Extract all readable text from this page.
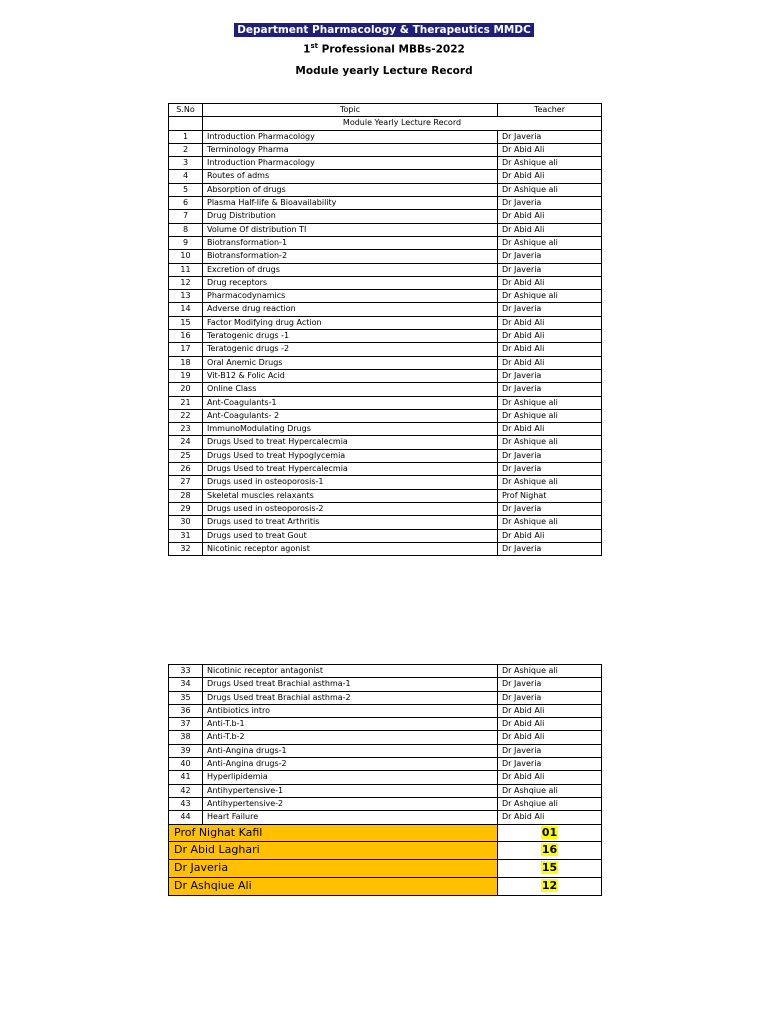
Department Pharmacology & Therapeutics MMDC
1st Professional MBBs-2022
Module yearly Lecture Record
S.No	Topic	Teacher
	Module Yearly Lecture Record	
1	Introduction Pharmacology	Dr Javeria
2	Terminology Pharma	Dr Abid Ali
3	Introduction Pharmacology	Dr Ashique ali
4	Routes of adms	Dr Abid Ali
5	Absorption of drugs	Dr Ashique ali
6	Plasma Half-life & Bioavailability	Dr Javeria
7	Drug Distribution	Dr Abid Ali
8	Volume Of distribution TI	Dr Abid Ali
9	Biotransformation-1	Dr Ashique ali
10	Biotransformation-2	Dr Javeria
11	Excretion of drugs	Dr Javeria
12	Drug receptors	Dr Abid Ali
13	Pharmacodynamics	Dr Ashique ali
14	Adverse drug reaction	Dr Javeria
15	Factor Modifying drug Action	Dr Abid Ali
16	Teratogenic drugs -1	Dr Abid Ali
17	Teratogenic drugs -2	Dr Abid Ali
18	Oral Anemic Drugs	Dr Abid Ali
19	Vit-B12 & Folic Acid	Dr Javeria
20	Online Class	Dr Javeria
21	Ant-Coagulants-1	Dr Ashique ali
22	Ant-Coagulants- 2	Dr Ashique ali
23	ImmunoModulating Drugs	Dr Abid Ali
24	Drugs Used to treat Hypercalecmia	Dr Ashique ali
25	Drugs Used to treat Hypoglycemia	Dr Javeria
26	Drugs Used to treat Hypercalecmia	Dr Javeria
27	Drugs used in osteoporosis-1	Dr Ashique ali
28	Skeletal muscles relaxants	Prof Nighat
29	Drugs used in osteoporosis-2	Dr Javeria
30	Drugs used to treat Arthritis	Dr Ashique ali
31	Drugs used to treat Gout	Dr Abid Ali
32	Nicotinic receptor agonist	Dr Javeria
33	Nicotinic receptor antagonist	Dr Ashique ali
34	Drugs Used treat Brachial asthma-1	Dr Javeria
35	Drugs Used treat Brachial asthma-2	Dr Javeria
36	Antibiotics intro	Dr Abid Ali
37	Anti-T.b-1	Dr Abid Ali
38	Anti-T.b-2	Dr Abid Ali
39	Anti-Angina drugs-1	Dr Javeria
40	Anti-Angina drugs-2	Dr Javeria
41	Hyperlipidemia	Dr Abid Ali
42	Antihypertensive-1	Dr Ashqiue ali
43	Antihypertensive-2	Dr Ashqiue ali
44	Heart Failure	Dr Abid Ali
Prof Nighat Kafil		01
Dr Abid Laghari		16
Dr Javeria		15
Dr Ashqiue Ali		12
